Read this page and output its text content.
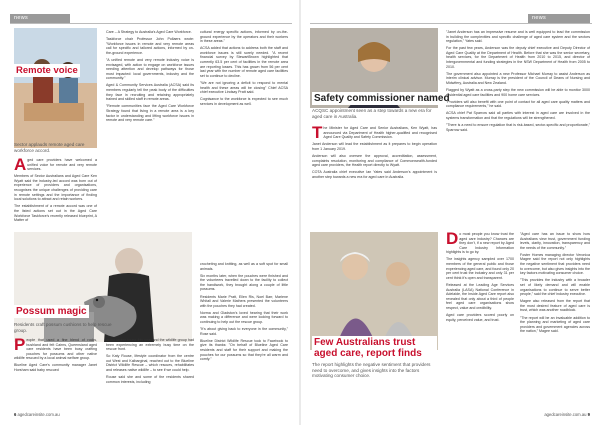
news
Remote voice
Sector applauds remote aged care workforce accord.

Aged care providers have welcomed a unified voice for remote and very remote services.

Members of Sector Australians and Aged Care Ken Wyatt said the industry-led accord was born out of experience of providers and organisations, recognises the unique challenges of providing care in remote settings and the importance of finding local solutions to attract and retain workers.

The establishment of a remote accord was one of the listed actions set out in the Aged Care Workforce Taskforce's recently released blueprint, A Matter of

Care – A Strategy to Australia's Aged Care Workforce.

Taskforce chair Professor John Pollaers wrote: "Workforce issues in remote and very remote areas call for specific and tailored actions, informed by on-the-ground experience.

"A unified remote and very remote industry voice is envisaged, with action to engage on workforce issues needing attention and develop pathways for those most impacted: local governments, industry and the community."

Aged & Community Services Australia (ACSA) said its members regularly tell the peak body of the difficulties they face in recruiting and retaining appropriately trained and skilled staff in remote areas.

"Remote communities face the Aged Care Workforce Strategy found that living in a remote area is a key factor in understanding and lifting workforce issues in remote and very remote care."

cultural energy specific actions, informed by on-the-ground experience by the operators and their workers in these areas."

ACSA added that actions to address both the staff and workforce issues is still sorely needed. "A recent financial survey by StewartBrown highlighted that currently 63.5 per cent of facilities in the remote area are reporting losses. This has grown from 56 per cent last year with the number of remote aged care facilities set to continue to decline.

"We are not ignoring a deficit to respond to mental health and these areas will be closing" Chief ACSA chief executive Lindsay Pratt said.

Cognisance to the workforce is expected to see much services in development as well.

Possum magic
Residents craft possum cushions to help rescue group.

People that used a fine blend of rocks, bushland and felt Cairns, Queensland aged care residents have been busy crafting pouches for possums and other native wildlife rescued by a local animal welfare group.

Blueline Aged Care's community manager Janet Horsham said baby rescued

at the region found this year and the wildlife group had been experiencing an extremely busy time on the rescue front.

So Katy Rouse, lifestyle coordinator from the centre out West and Kalbarginal, reached out to the Blueline District Wildlife Rescue – which rescues, rehabilitates and releases native wildlife – to see if we could help.

Rouse said she and some of the residents shared common interests, including

crocheting and knitting, as well as a soft spot for small animals.

Six months later, when the pouches were finished and the volunteers travelled down to the facility to collect the handiwork, they brought along a couple of little possums.

Residents Marie Pratt, Ellen Ris, Noel Barr, Marlene Whitall and Valerie Mathers presented the volunteers with the pouches they had created.

Norma and Gladston's loved hearing that their work was making a difference and were looking forward to continuing to help out the rescue group.

"It's about giving back to everyone in the community," Rose said.

Blueline District Wildlife Rescue took to Facebook to give its thanks: "On behalf of Blueline Aged Care residents and staff for their support and making the pouches for our possums so that they're all warm and comfy."

6 agedcareinsite.com.au
news
Safety commissioner named
ACQSC appointment seen as a step towards a new era for aged care in Australia.

The Minister for Aged Care and Senior Australians, Ken Wyatt, has announced via Department of Health higher-qualified and recognised Aged Care Quality and Safety Commission.

Janet Anderson will lead the establishment as it prepares to begin operation from 1 January 2019.

Anderson will also oversee the approval, accreditation, assessment, complaints resolution, monitoring and compliance of Commonwealth-funded aged care providers, the Health report directly to Wyatt.

COTA Australia chief executive Ian Yates said Anderson's appointment is another step towards a new era for aged care in Australia.

"Janet Anderson has an impressive resume and is well equipped to lead the commission in building the complexities and specific challenge of aged care system and the sectors regulation," Yates said.

For the past few years, Anderson was the deputy chief executive and Deputy Director of Aged Care Quality at the Department of Health. Before that she was the senior secretary, health services, for the Department of Health from 2010 to 2015, and director of Intergovernmental and funding strategies in the NSW Department of Health from 2005 to 2010.

The government also appointed a new Professor Michael Murray to assist Anderson as interim clinical advisor. Murray is the president of the Council of Deans of Nursing and Midwifery, Australia and New Zealand.

Flagged by Wyatt as a cross-party step the new commission will be able to monitor 3000 residential aged care facilities and 900 home care services.

"Providers will also benefit with one point of contact for all aged care quality matters and compliance requirements," he said.

ACSA chief Pat Sparrow said all parties with interest in aged care are involved in the systems transformation and that the regulations will be strengthened.

"There is a need to ensure regulation that is risk-based, sector-specific and proportionate," Sparrow said.

Few Australians trust aged care, report finds
The report highlights the negative sentiment that providers need to overcome, and gives insights into the factors motivating consumer choice.

Do most people you know trust the aged care industry? Chances are they don't, if a new report by Aged Care Industry Information highlights is to go by.

The insights agency sampled over 1700 members of the general public and those experiencing aged care, and found only 20 per cent trust the industry and only 31 per cent think it's open and transparent.

Released at the Leading Age Services Australia (LASA) National Conference in Adelaide, the Inside Aged Care report also revealed that only about a third of people feel aged care organisations show respect, value and credibility.

Aged care providers scored poorly on equity, perceived value, and trust.

"Aged care has an issue to show how Australians view trust, government funding levels, clarity, innovation, transparency and the needs of the community."

Foster Homes managing director Veronica Magee said the report not only highlights the negative sentiment that providers need to overcome, but also gives insights into the key factors motivating consumer choice.

"This provides the industry with a broader set of likely demand and will enable organisations to continue to serve better people," said the chief industry executive.

Magee also released from the report that the most desired feature of aged care is trust, which was another roadblock.

"The report will be an invaluable addition to the planning and marketing of aged care providers and government agencies across the nation," Magee said.

agedcareinsite.com.au 9
